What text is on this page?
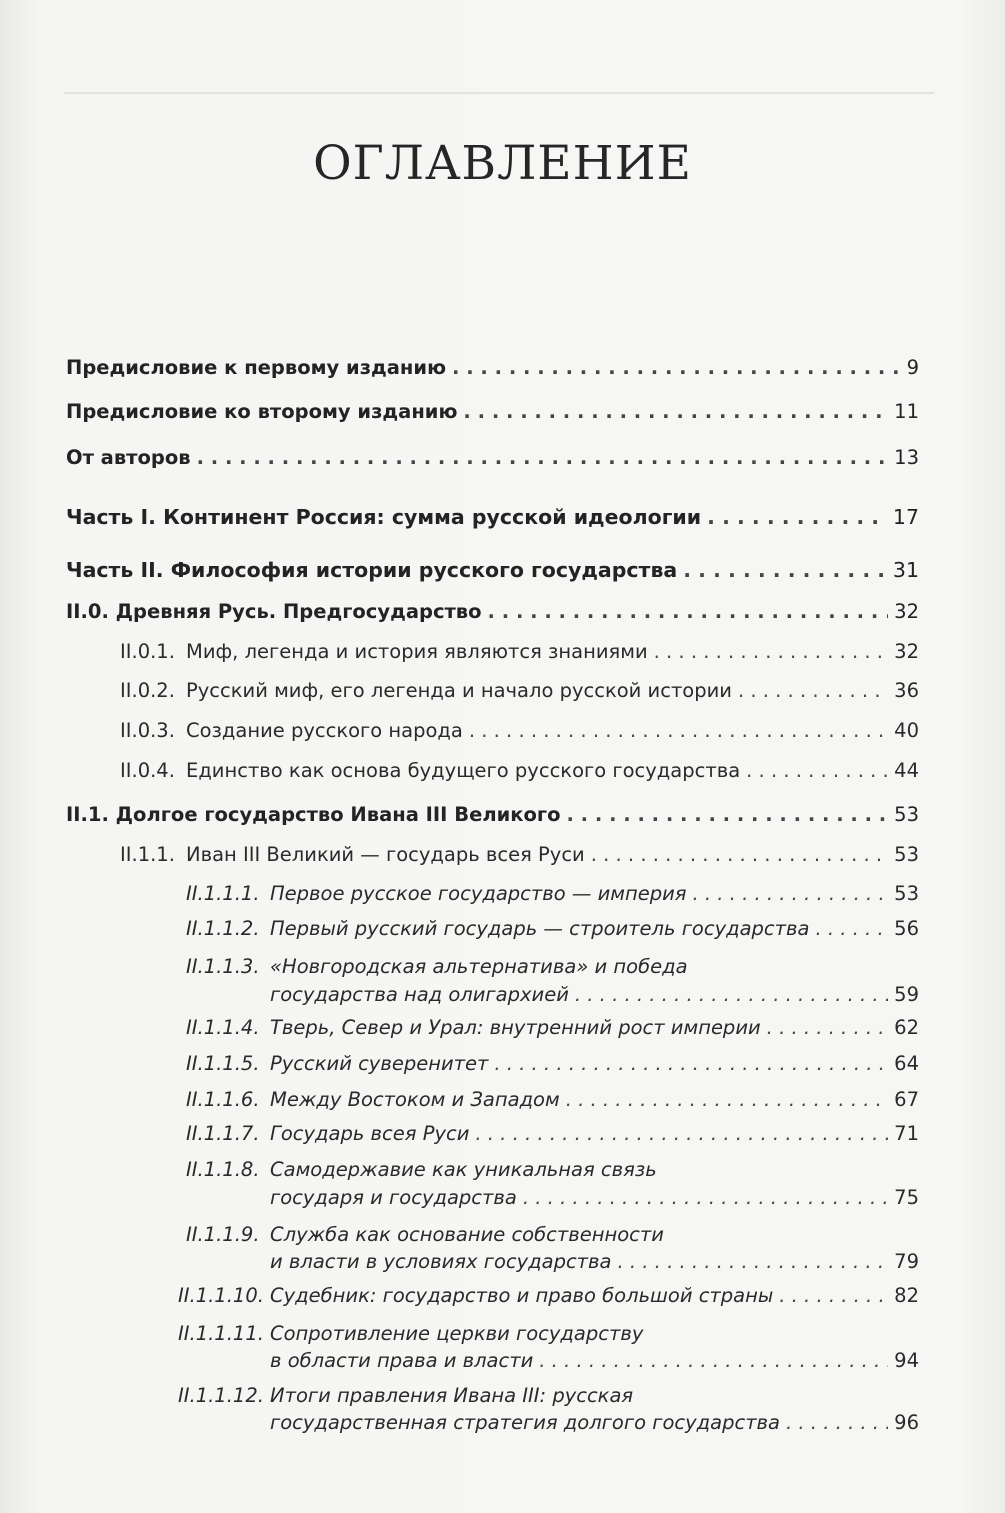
ОГЛАВЛЕНИЕ
Предисловие к первому изданию . . .	9
Предисловие ко второму изданию . . .	11
От авторов . . .	13
Часть I. Континент Россия: сумма русской идеологии . . .	17
Часть II. Философия истории русского государства . . .	31
II.0. Древняя Русь. Предгосударство . . .	32
II.0.1. Миф, легенда и история являются знаниями . . .	32
II.0.2. Русский миф, его легенда и начало русской истории . . .	36
II.0.3. Создание русского народа . . .	40
II.0.4. Единство как основа будущего русского государства . . .	44
II.1. Долгое государство Ивана III Великого . . .	53
II.1.1. Иван III Великий — государь всея Руси . . .	53
II.1.1.1. Первое русское государство — империя . . .	53
II.1.1.2. Первый русский государь — строитель государства . . .	56
II.1.1.3. «Новгородская альтернатива» и победа
государства над олигархией . . .	59
II.1.1.4. Тверь, Север и Урал: внутренний рост империи . . .	62
II.1.1.5. Русский суверенитет . . .	64
II.1.1.6. Между Востоком и Западом . . .	67
II.1.1.7. Государь всея Руси . . .	71
II.1.1.8. Самодержавие как уникальная связь
государя и государства . . .	75
II.1.1.9. Служба как основание собственности
и власти в условиях государства . . .	79
II.1.1.10. Судебник: государство и право большой страны . . .	82
II.1.1.11. Сопротивление церкви государству
в области права и власти . . .	94
II.1.1.12. Итоги правления Ивана III: русская
государственная стратегия долгого государства . . .	96
